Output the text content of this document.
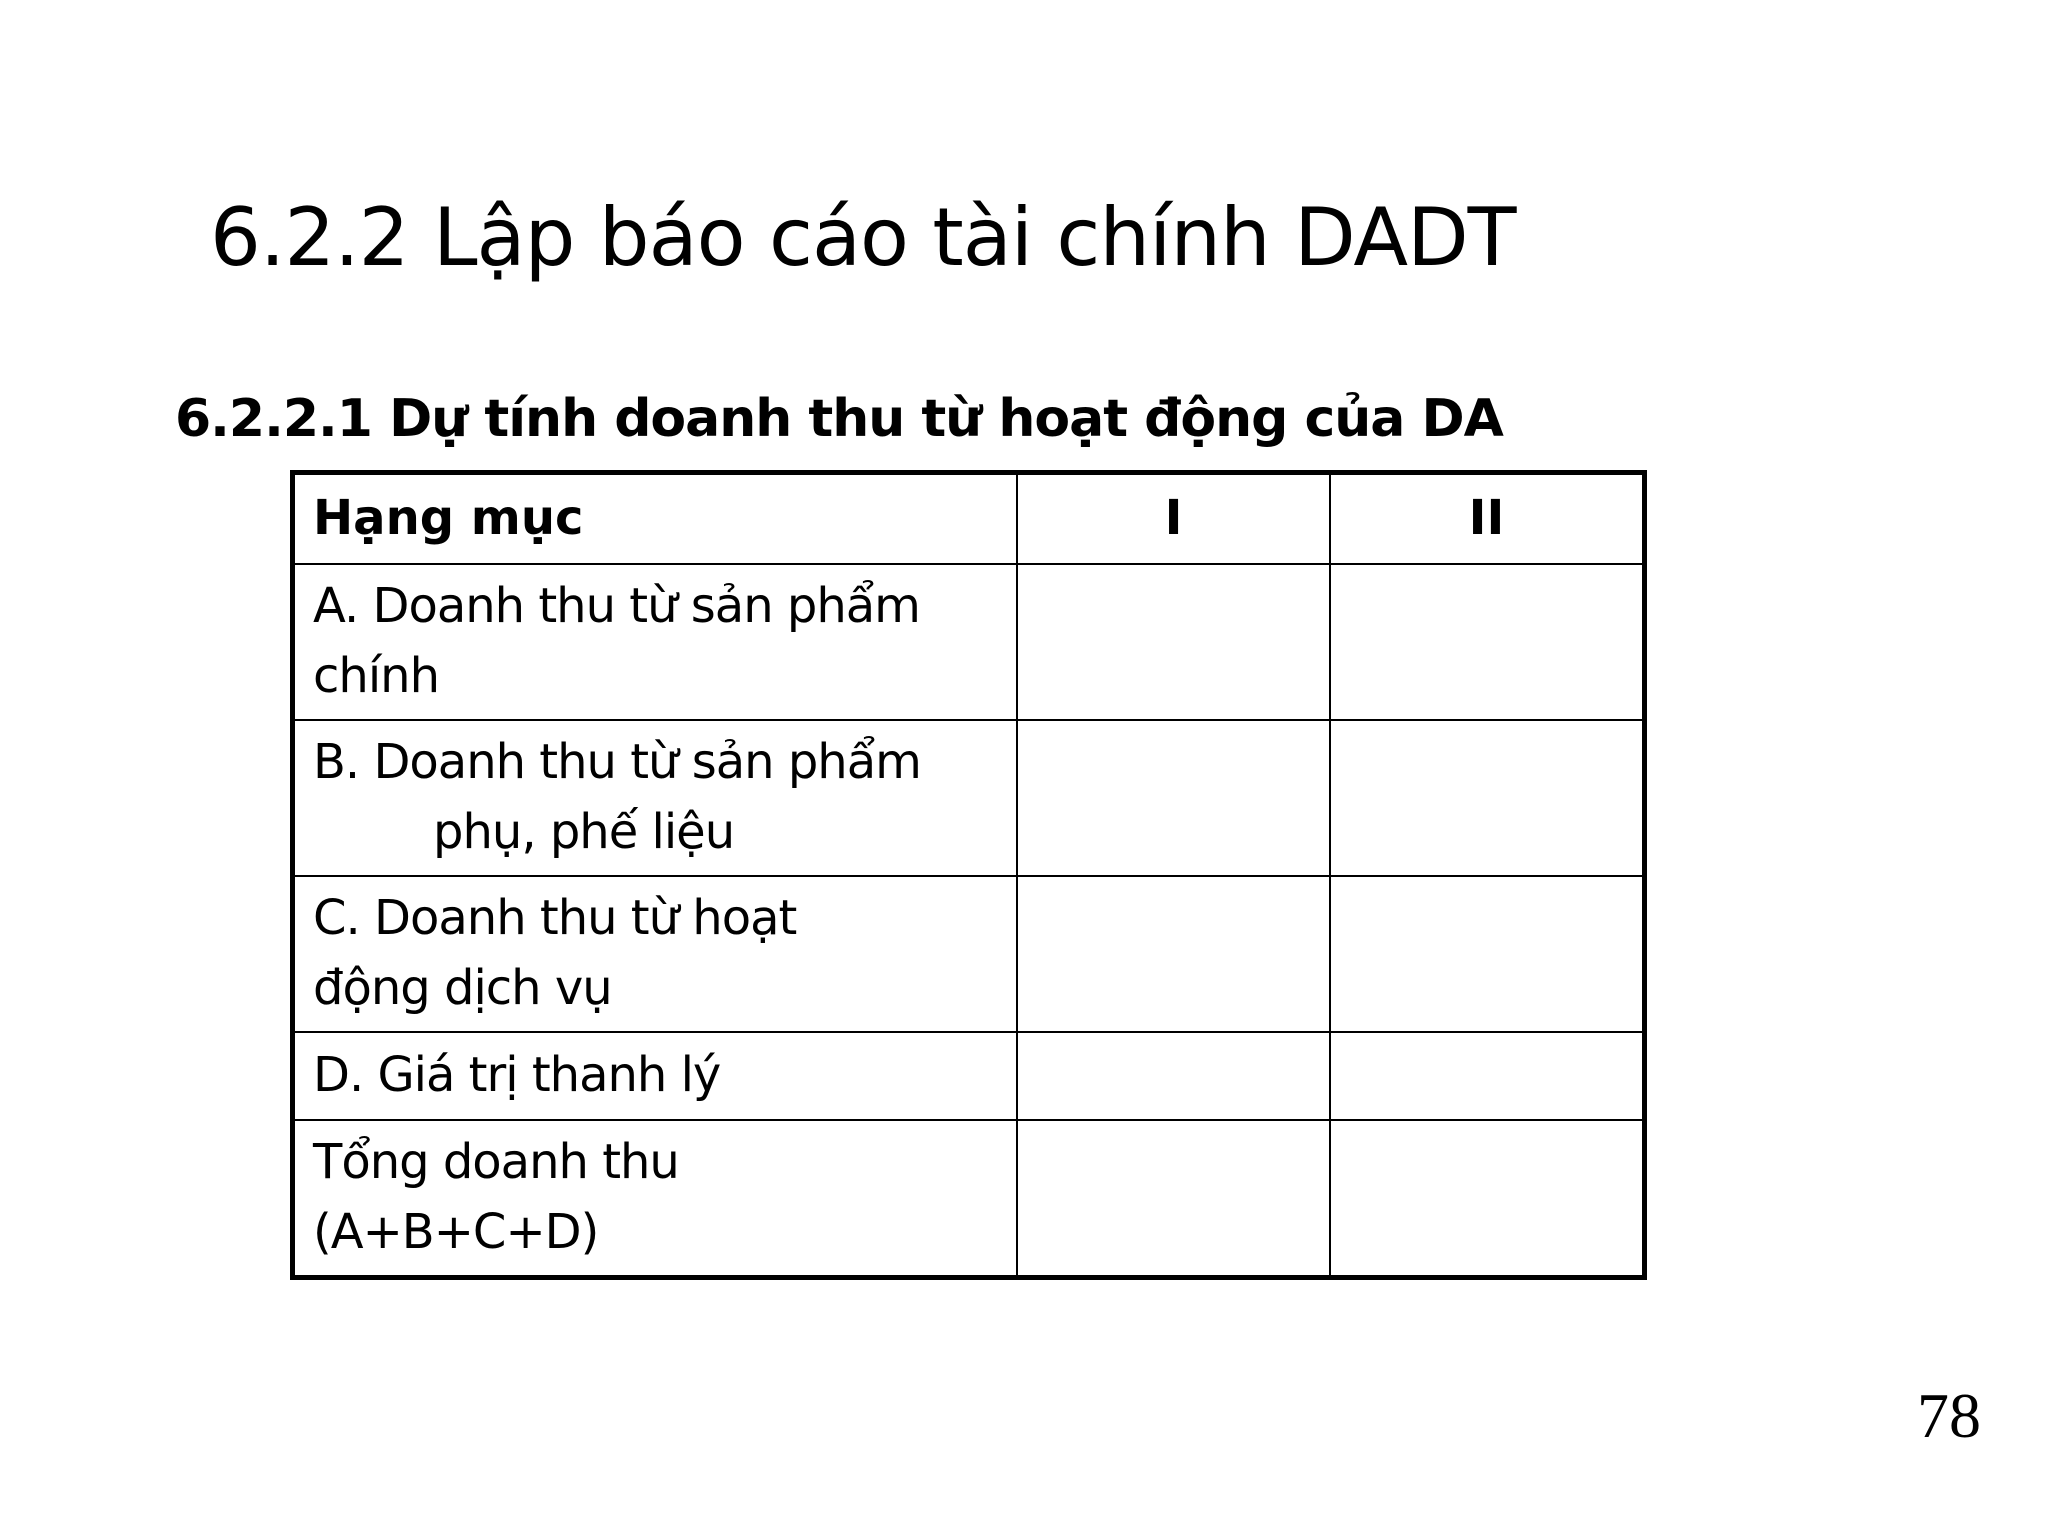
6.2.2 Lập báo cáo tài chính DADT
6.2.2.1 Dự tính doanh thu từ hoạt động của DA
Hạng mục	I	II

A. Doanh thu từ sản phẩm
chính		

B. Doanh thu từ sản phẩm
phụ, phế liệu		

C. Doanh thu từ hoạt
động dịch vụ		

D. Giá trị thanh lý		

Tổng doanh thu
(A+B+C+D)		

78
